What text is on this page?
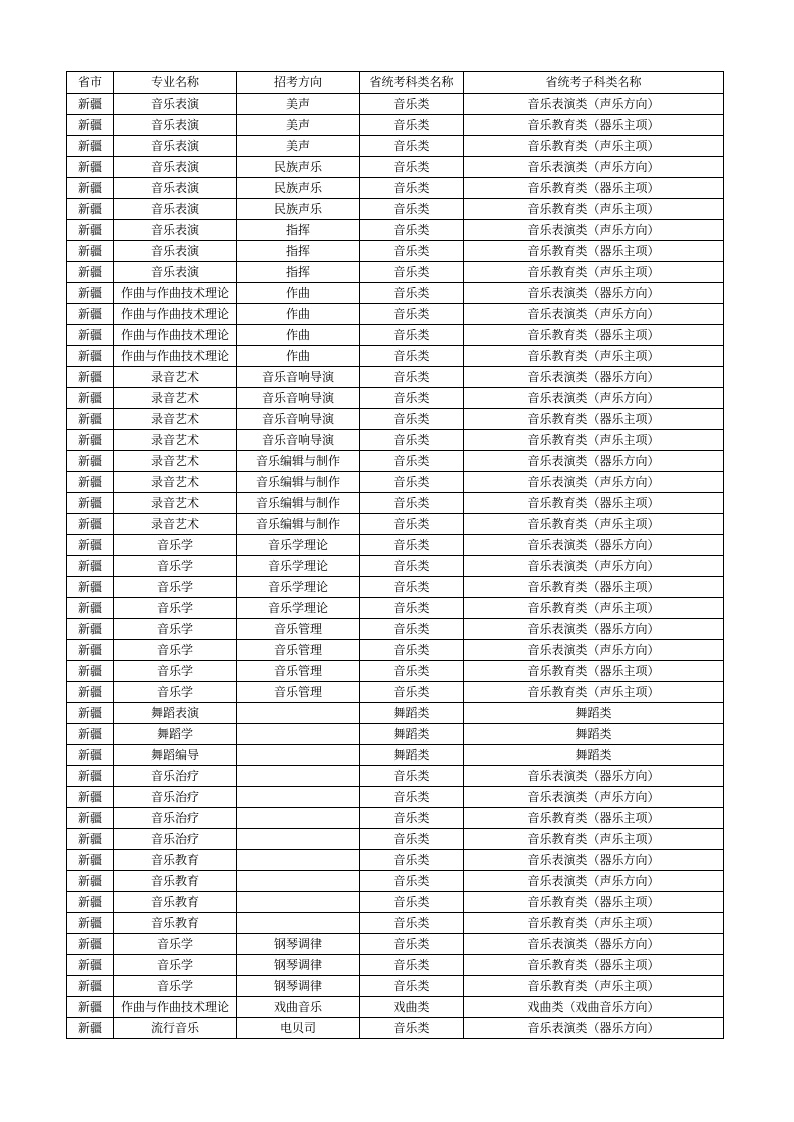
省市	专业名称	招考方向	省统考科类名称	省统考子科类名称
新疆	音乐表演	美声	音乐类	音乐表演类（声乐方向）
新疆	音乐表演	美声	音乐类	音乐教育类（器乐主项）
新疆	音乐表演	美声	音乐类	音乐教育类（声乐主项）
新疆	音乐表演	民族声乐	音乐类	音乐表演类（声乐方向）
新疆	音乐表演	民族声乐	音乐类	音乐教育类（器乐主项）
新疆	音乐表演	民族声乐	音乐类	音乐教育类（声乐主项）
新疆	音乐表演	指挥	音乐类	音乐表演类（声乐方向）
新疆	音乐表演	指挥	音乐类	音乐教育类（器乐主项）
新疆	音乐表演	指挥	音乐类	音乐教育类（声乐主项）
新疆	作曲与作曲技术理论	作曲	音乐类	音乐表演类（器乐方向）
新疆	作曲与作曲技术理论	作曲	音乐类	音乐表演类（声乐方向）
新疆	作曲与作曲技术理论	作曲	音乐类	音乐教育类（器乐主项）
新疆	作曲与作曲技术理论	作曲	音乐类	音乐教育类（声乐主项）
新疆	录音艺术	音乐音响导演	音乐类	音乐表演类（器乐方向）
新疆	录音艺术	音乐音响导演	音乐类	音乐表演类（声乐方向）
新疆	录音艺术	音乐音响导演	音乐类	音乐教育类（器乐主项）
新疆	录音艺术	音乐音响导演	音乐类	音乐教育类（声乐主项）
新疆	录音艺术	音乐编辑与制作	音乐类	音乐表演类（器乐方向）
新疆	录音艺术	音乐编辑与制作	音乐类	音乐表演类（声乐方向）
新疆	录音艺术	音乐编辑与制作	音乐类	音乐教育类（器乐主项）
新疆	录音艺术	音乐编辑与制作	音乐类	音乐教育类（声乐主项）
新疆	音乐学	音乐学理论	音乐类	音乐表演类（器乐方向）
新疆	音乐学	音乐学理论	音乐类	音乐表演类（声乐方向）
新疆	音乐学	音乐学理论	音乐类	音乐教育类（器乐主项）
新疆	音乐学	音乐学理论	音乐类	音乐教育类（声乐主项）
新疆	音乐学	音乐管理	音乐类	音乐表演类（器乐方向）
新疆	音乐学	音乐管理	音乐类	音乐表演类（声乐方向）
新疆	音乐学	音乐管理	音乐类	音乐教育类（器乐主项）
新疆	音乐学	音乐管理	音乐类	音乐教育类（声乐主项）
新疆	舞蹈表演		舞蹈类	舞蹈类
新疆	舞蹈学		舞蹈类	舞蹈类
新疆	舞蹈编导		舞蹈类	舞蹈类
新疆	音乐治疗		音乐类	音乐表演类（器乐方向）
新疆	音乐治疗		音乐类	音乐表演类（声乐方向）
新疆	音乐治疗		音乐类	音乐教育类（器乐主项）
新疆	音乐治疗		音乐类	音乐教育类（声乐主项）
新疆	音乐教育		音乐类	音乐表演类（器乐方向）
新疆	音乐教育		音乐类	音乐表演类（声乐方向）
新疆	音乐教育		音乐类	音乐教育类（器乐主项）
新疆	音乐教育		音乐类	音乐教育类（声乐主项）
新疆	音乐学	钢琴调律	音乐类	音乐表演类（器乐方向）
新疆	音乐学	钢琴调律	音乐类	音乐教育类（器乐主项）
新疆	音乐学	钢琴调律	音乐类	音乐教育类（声乐主项）
新疆	作曲与作曲技术理论	戏曲音乐	戏曲类	戏曲类（戏曲音乐方向）
新疆	流行音乐	电贝司	音乐类	音乐表演类（器乐方向）
